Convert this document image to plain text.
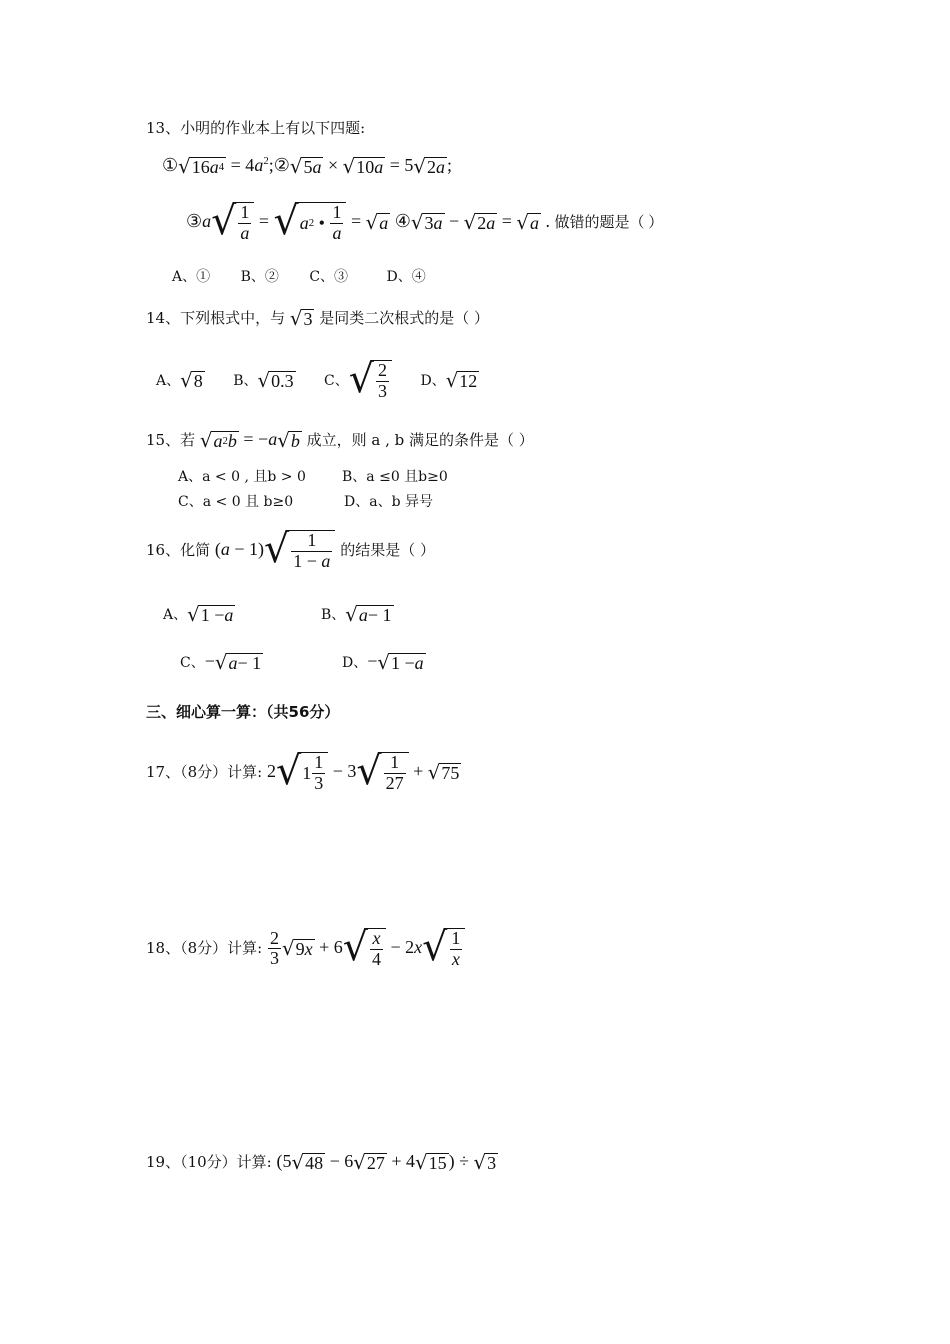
13、小明的作业本上有以下四题:
① √ 16 a $4 = 4a^2;②$ √ 5 a × √ 10 a = 5 √ 2 a ;
③a √ $\frac{1}{a}$ = √ a 2 • $\frac{1}{a}$ = √ a ④ √ 3 a − √ 2 a = √ a . 做错的题是（ ）
A、① B、② C、③	D、④
14、下列根式中，与 √ 3 是同类二次根式的是（ ）
A、 √ 8 B、 √ 0.3 C、 √ $\frac{2}{3}$ D、 √ 12
15、若 √ a 2 b = −a √ b 成立，则 a , b 满足的条件是（ ）
A、a < 0 , 且b > 0	B、a ≤0 且b≥0
C、a < 0 且 b≥0	D、a、b 异号
16、化简 (a − 1) √ $\frac{1}{1 - a}$ 的结果是（ ）
A、 √ 1 − a	B、 √ a − 1
C、− √ a − 1	D、− √ 1 − a
三、细心算一算：（共56分）
17、（8分）计算: 2 √ $1 \frac{1}{3} - 3$ √ $\frac{1}{27}$ + √ 75
18、（8分）计算: $\frac{2}{3}$ √ 9 x + 6 √ $\frac{x}{4} - 2x$ √ $\frac{1}{x}$
19、（10分）计算: (5 √ 48 − 6 √ 27 + 4 √ 15 ) ÷ √ 3
